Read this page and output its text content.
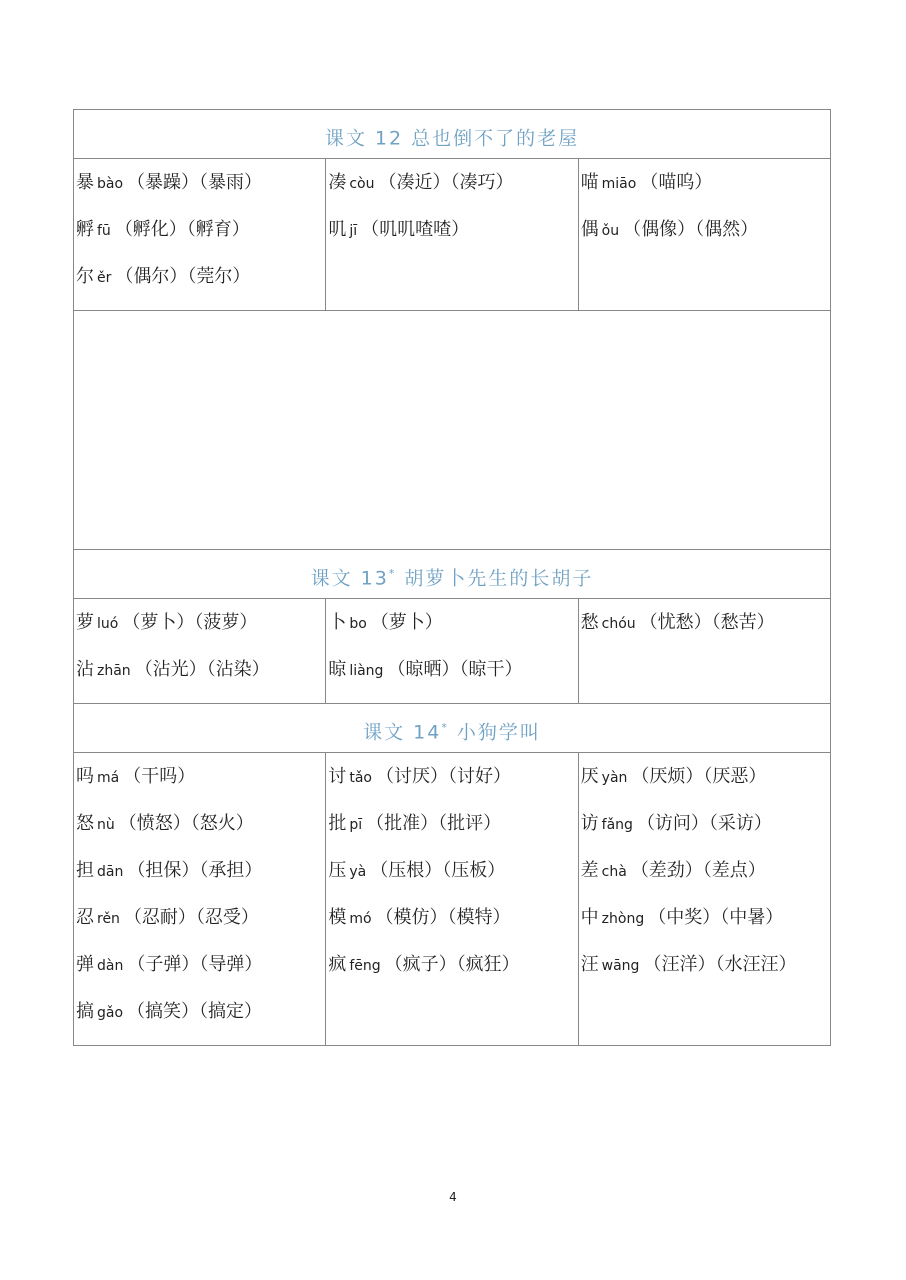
课文 12 总也倒不了的老屋
暴 bào （暴躁）（暴雨）
孵 fū （孵化）（孵育）
尔 ěr （偶尔）（莞尔）
凑 còu （凑近）（凑巧）
叽 jī （叽叽喳喳）
喵 miāo （喵呜）
偶 ǒu （偶像）（偶然）
课文 13* 胡萝卜先生的长胡子
萝 luó （萝卜）（菠萝）
沾 zhān （沾光）（沾染）
卜 bo （萝卜）
晾 liàng （晾晒）（晾干）
愁 chóu （忧愁）（愁苦）
课文 14* 小狗学叫
吗 má （干吗）
怒 nù （愤怒）（怒火）
担 dān （担保）（承担）
忍 rěn （忍耐）（忍受）
弹 dàn （子弹）（导弹）
搞 gǎo （搞笑）（搞定）
讨 tǎo （讨厌）（讨好）
批 pī （批准）（批评）
压 yà （压根）（压板）
模 mó （模仿）（模特）
疯 fēng （疯子）（疯狂）
厌 yàn （厌烦）（厌恶）
访 fǎng （访问）（采访）
差 chà （差劲）（差点）
中 zhòng （中奖）（中暑）
汪 wāng （汪洋）（水汪汪）
4
